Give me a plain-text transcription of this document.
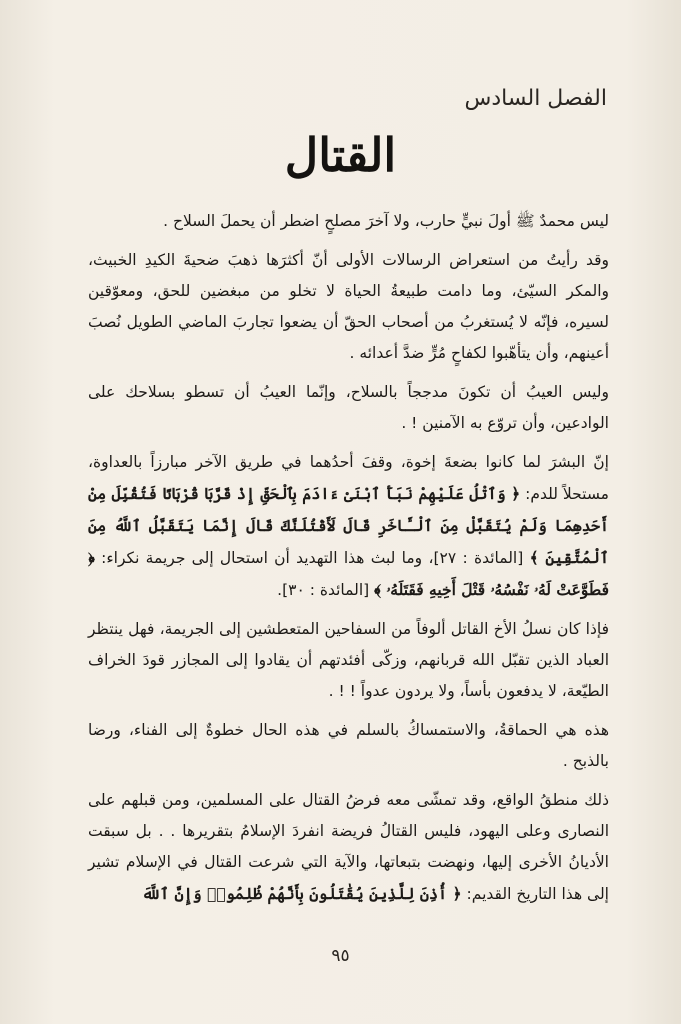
الفصل السادس
القتال

ليس محمدٌ ﷺ أولَ نبيٍّ حارب، ولا آخرَ مصلحٍ اضطر أن يحملَ السلاح .

وقد رأيتُ من استعراض الرسالات الأولى أنّ أكثرَها ذهبَ ضحيةَ الكيدِ الخبيث، والمكر السيّئ، وما دامت طبيعةُ الحياة لا تخلو من مبغضين للحق، ومعوّقين لسيره، فإنّه لا يُستغربُ من أصحاب الحقّ أن يضعوا تجاربَ الماضي الطويل نُصبَ أعينهم، وأن يتأهّبوا لكفاحٍ مُرٍّ ضدَّ أعدائه .

وليس العيبُ أن تكونَ مدججاً بالسلاح، وإنّما العيبُ أن تسطو بسلاحك على الوادعين، وأن تروّع به الآمنين ! .

إنّ البشرَ لما كانوا بضعةَ إخوة، وقفَ أحدُهما في طريق الآخر مبارزاً بالعداوة، مستحلاً للدم: ﴿ وَٱتْلُ عَلَيْهِمْ نَبَأَ ٱبْنَىْ ءَادَمَ بِٱلْحَقِّ إِذْ قَرَّبَا قُرْبَانًا فَتُقُبِّلَ مِنْ أَحَدِهِمَا وَلَمْ يُتَقَبَّلْ مِنَ ٱلْـَٔاخَرِ قَالَ لَأَقْتُلَنَّكَ قَالَ إِنَّمَا يَتَقَبَّلُ ٱللَّهُ مِنَ ٱلْمُتَّقِينَ ﴾ [المائدة : ٢٧]، وما لبث هذا التهديد أن استحال إلى جريمة نكراء: ﴿ فَطَوَّعَتْ لَهُۥ نَفْسُهُۥ قَتْلَ أَخِيهِ فَقَتَلَهُۥ ﴾ [المائدة : ٣٠].

فإذا كان نسلُ الأخ القاتل ألوفاً من السفاحين المتعطشين إلى الجريمة، فهل ينتظر العباد الذين تقبّل الله قربانهم، وزكّى أفئدتهم أن يقادوا إلى المجازر قودَ الخراف الطيّعة، لا يدفعون بأساً، ولا يردون عدواً ! ! .

هذه هي الحماقةُ، والاستمساكُ بالسلم في هذه الحال خطوةٌ إلى الفناء، ورضا بالذبح .

ذلك منطقُ الواقع، وقد تمشّى معه فرضُ القتال على المسلمين، ومن قبلهم على النصارى وعلى اليهود، فليس القتالُ فريضة انفردَ الإسلامُ بتقريرها . . بل سبقت الأديانُ الأخرى إليها، ونهضت بتبعاتها، والآية التي شرعت القتال في الإسلام تشير إلى هذا التاريخ القديم: ﴿ أُذِنَ لِلَّذِينَ يُقَٰتَلُونَ بِأَنَّهُمْ ظُلِمُوا۟ وَإِنَّ ٱللَّهَ

٩٥
